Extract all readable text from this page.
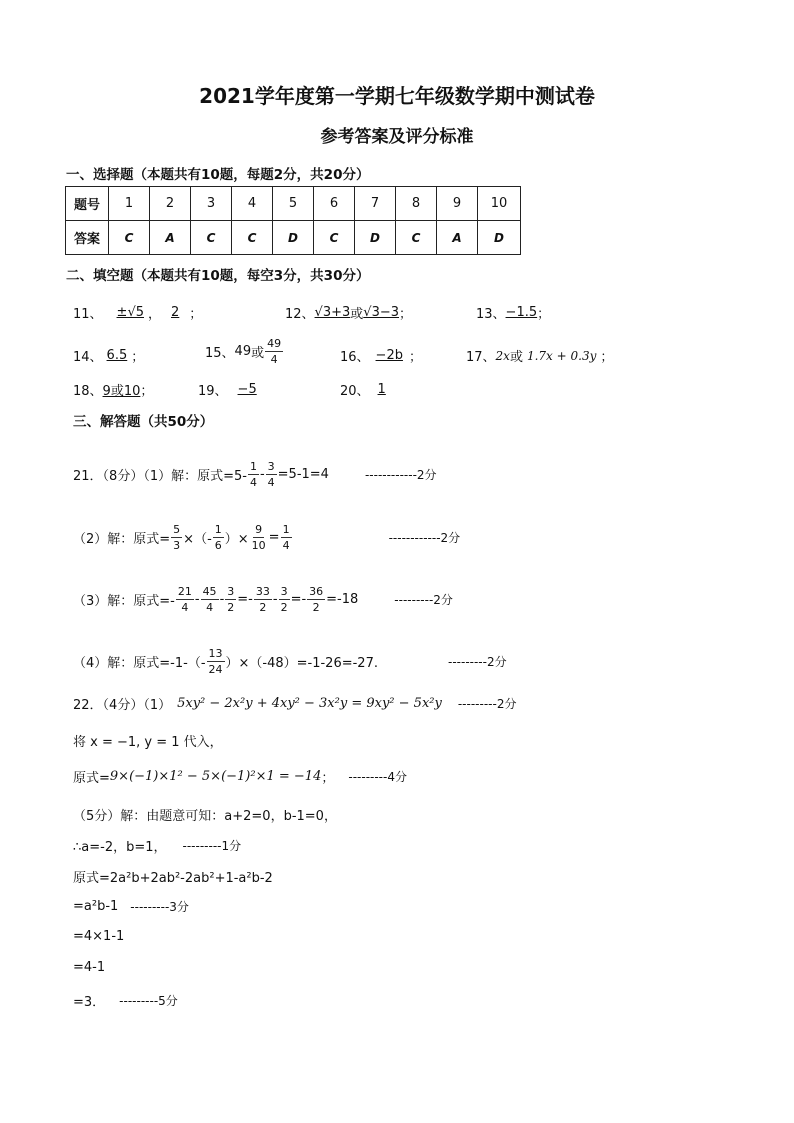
2021学年度第一学期七年级数学期中测试卷
参考答案及评分标准
一、选择题（本题共有10题，每题2分，共20分）
题号	1	2	3	4	5	6	7	8	9	10
答案	C	A	C	C	D	C	D	C	A	D
二、填空题（本题共有10题，每空3分，共30分）
11、	±√5 ， 2 ；	12、 √3+3 或 √3−3 ；	13、 −1.5 ；
14、 6.5 ；	15、 49 或 $\frac{49}{4}$	16、 −2b ；	17、 2x 或 1.7x + 0.3y ；
18、 9或10 ；	19、 −5	20、 1
三、解答题（共50分）
21．（8分）（1）解：原式$=5- \frac{1}{4} - \frac{3}{4} =5-1=4$	------------2分
（2）解：原式= $\frac{5}{3}$ ×（- $\frac{1}{6}$ ）× $\frac{9}{10} = \frac{1}{4}$	------------2分
（3）解：原式=- $\frac{21}{4} - \frac{45}{4} - \frac{3}{2} =- \frac{33}{2} - \frac{3}{2} =- \frac{36}{2} =-18$	---------2分
（4）解：原式$=-1-(- \frac{13}{24} )\times(-48)=-1-26=-27$.	---------2分
22．（4分）（1） 5xy² − 2x²y + 4xy² − 3x²y = 9xy² − 5x²y ---------2分
将 x = −1, y = 1 代入，
原式= 9×(−1)×1² − 5×(−1)²×1 = −14 ； ---------4分
（5分）解：由题意可知：a+2=0，b-1=0，
∴a=-2，b=1， ---------1分
原式=2a²b+2ab²-2ab²+1-a²b-2
=a²b-1 ---------3分
=4×1-1
=4-1
=3． ---------5分
